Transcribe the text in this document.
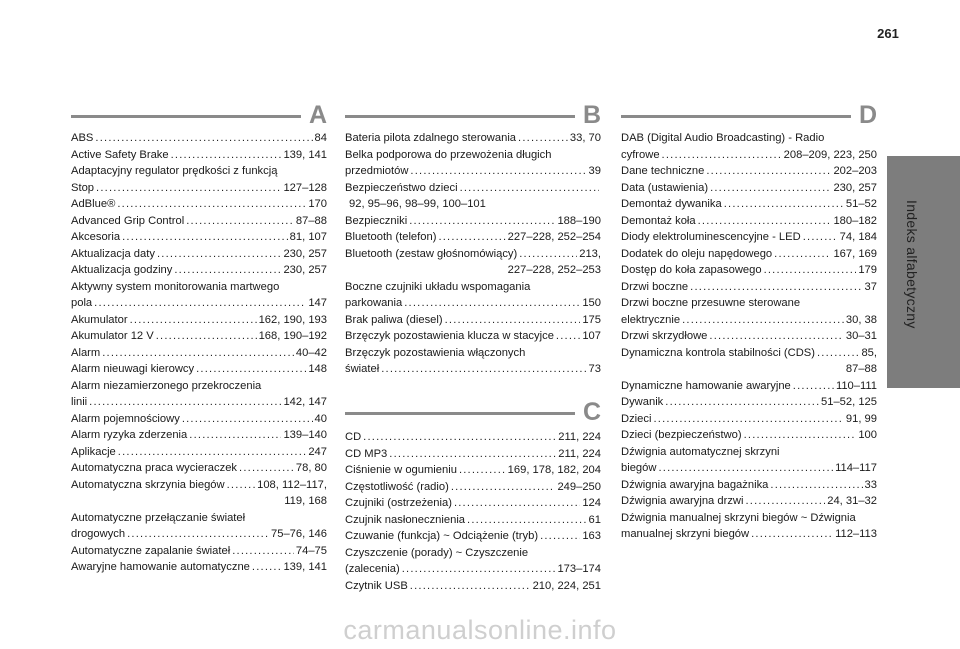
261
Indeks alfabetyczny
A
ABS .....	84
Active Safety Brake .....	139, 141
Adaptacyjny regulator prędkości z funkcją
Stop .....	127–128
AdBlue® .....	170
Advanced Grip Control .....	87–88
Akcesoria .....	81, 107
Aktualizacja daty .....	230, 257
Aktualizacja godziny .....	230, 257
Aktywny system monitorowania martwego
pola .....	147
Akumulator .....	162, 190, 193
Akumulator 12 V .....	168, 190–192
Alarm .....	40–42
Alarm nieuwagi kierowcy .....	148
Alarm niezamierzonego przekroczenia
linii .....	142, 147
Alarm pojemnościowy .....	40
Alarm ryzyka zderzenia .....	139–140
Aplikacje .....	247
Automatyczna praca wycieraczek .....	78, 80
Automatyczna skrzynia biegów .....	108, 112–117,
119, 168
Automatyczne przełączanie świateł
drogowych .....	75–76, 146
Automatyczne zapalanie świateł .....	74–75
Awaryjne hamowanie automatyczne .....	139, 141
B
Bateria pilota zdalnego sterowania .....	33, 70
Belka podporowa do przewożenia długich
przedmiotów .....	39
Bezpieczeństwo dzieci
.....
92, 95–96, 98–99, 100–101
Bezpieczniki .....	188–190
Bluetooth (telefon) .....	227–228, 252–254
Bluetooth (zestaw głośnomówiący) .....	213,
227–228, 252–253
Boczne czujniki układu wspomagania
parkowania .....	150
Brak paliwa (diesel) .....	175
Brzęczyk pozostawienia klucza w stacyjce .....	107
Brzęczyk pozostawienia włączonych
świateł .....	73
C
CD .....	211, 224
CD MP3 .....	211, 224
Ciśnienie w ogumieniu .....	169, 178, 182, 204
Częstotliwość (radio) .....	249–250
Czujniki (ostrzeżenia) .....	124
Czujnik nasłonecznienia .....	61
Czuwanie (funkcja) ~ Odciążenie (tryb) .....	163
Czyszczenie (porady) ~ Czyszczenie
(zalecenia) .....	173–174
Czytnik USB .....	210, 224, 251
D
DAB (Digital Audio Broadcasting) - Radio
cyfrowe .....	208–209, 223, 250
Dane techniczne .....	202–203
Data (ustawienia) .....	230, 257
Demontaż dywanika .....	51–52
Demontaż koła .....	180–182
Diody elektroluminescencyjne - LED .....	74, 184
Dodatek do oleju napędowego .....	167, 169
Dostęp do koła zapasowego .....	179
Drzwi boczne .....	37
Drzwi boczne przesuwne sterowane
elektrycznie .....	30, 38
Drzwi skrzydłowe .....	30–31
Dynamiczna kontrola stabilności (CDS) .....	85,
87–88
Dynamiczne hamowanie awaryjne .....	110–111
Dywanik .....	51–52, 125
Dzieci .....	91, 99
Dzieci (bezpieczeństwo) .....	100
Dźwignia automatycznej skrzyni
biegów .....	114–117
Dźwignia awaryjna bagażnika .....	33
Dźwignia awaryjna drzwi .....	24, 31–32
Dźwignia manualnej skrzyni biegów ~ Dźwignia
manualnej skrzyni biegów .....	112–113
carmanualsonline.info
